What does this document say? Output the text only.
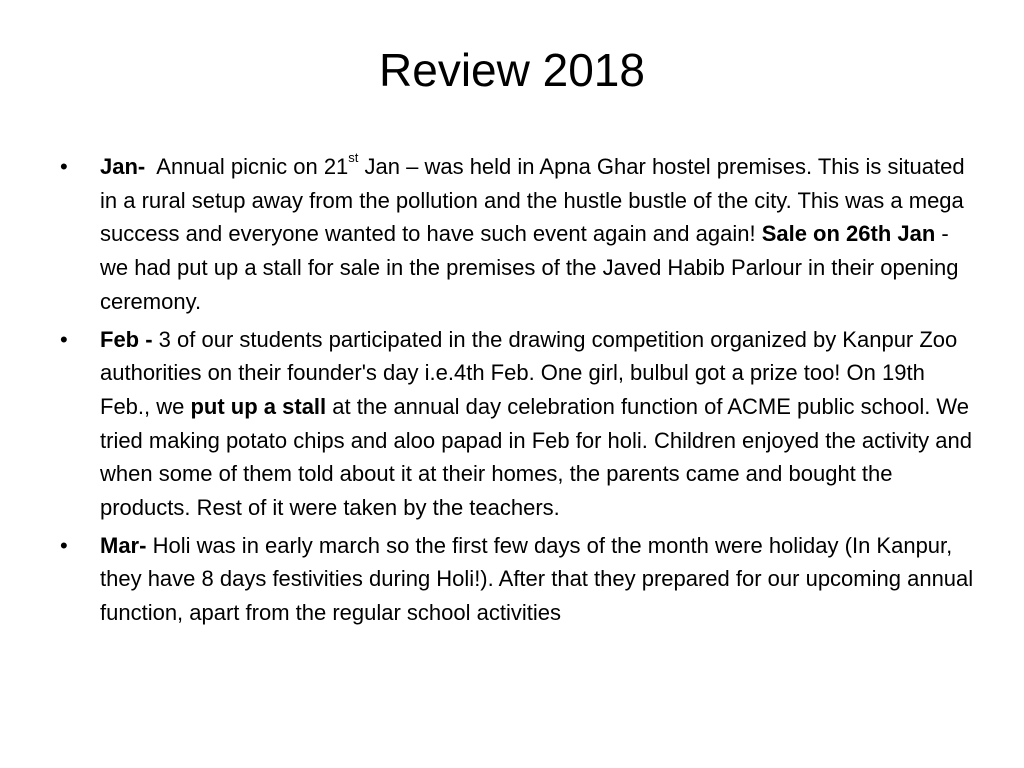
Review 2018
• Jan- Annual picnic on 21st Jan – was held in Apna Ghar hostel premises. This is situated in a rural setup away from the pollution and the hustle bustle of the city. This was a mega success and everyone wanted to have such event again and again! Sale on 26th Jan - we had put up a stall for sale in the premises of the Javed Habib Parlour in their opening ceremony.

• Feb - 3 of our students participated in the drawing competition organized by Kanpur Zoo authorities on their founder's day i.e.4th Feb. One girl, bulbul got a prize too! On 19th Feb., we put up a stall at the annual day celebration function of ACME public school. We tried making potato chips and aloo papad in Feb for holi. Children enjoyed the activity and when some of them told about it at their homes, the parents came and bought the products. Rest of it were taken by the teachers.

• Mar- Holi was in early march so the first few days of the month were holiday (In Kanpur, they have 8 days festivities during Holi!). After that they prepared for our upcoming annual function, apart from the regular school activities
